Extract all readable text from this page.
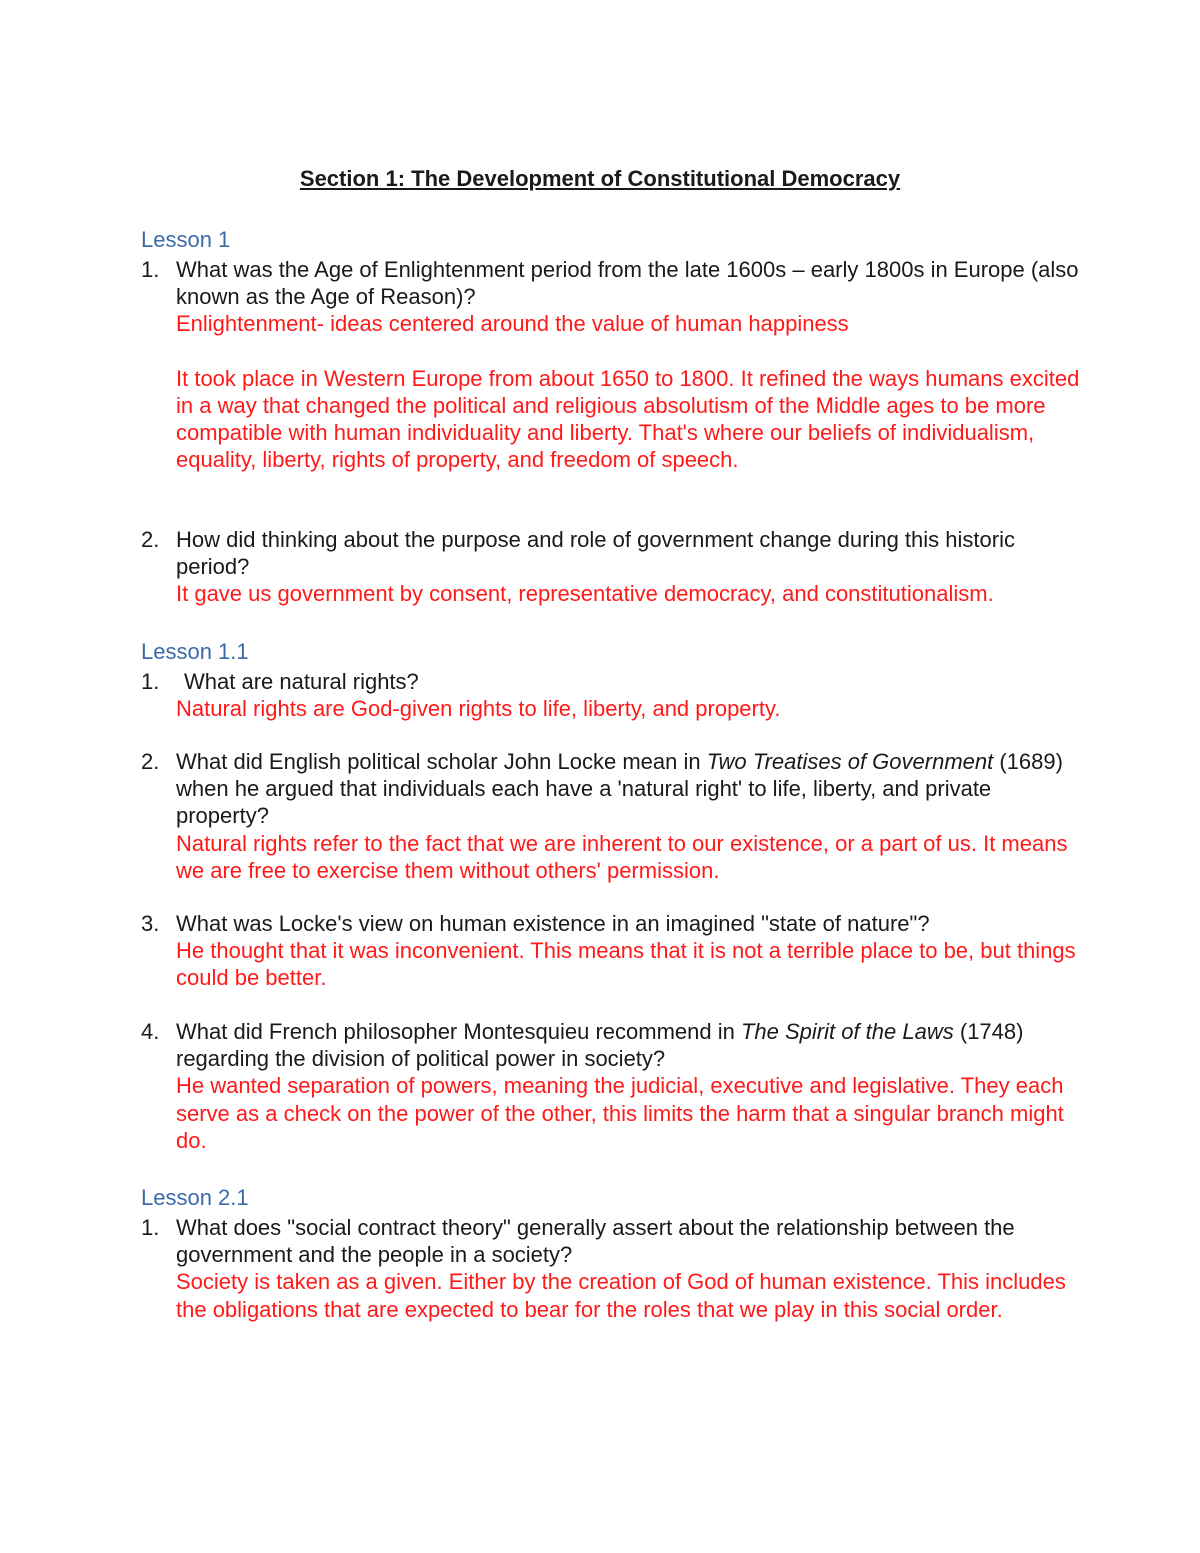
Section 1: The Development of Constitutional Democracy
Lesson 1
1. What was the Age of Enlightenment period from the late 1600s – early 1800s in Europe (also known as the Age of Reason)?
Enlightenment- ideas centered around the value of human happiness
It took place in Western Europe from about 1650 to 1800. It refined the ways humans excited in a way that changed the political and religious absolutism of the Middle ages to be more compatible with human individuality and liberty. That's where our beliefs of individualism, equality, liberty, rights of property, and freedom of speech.
2. How did thinking about the purpose and role of government change during this historic period?
It gave us government by consent, representative democracy, and constitutionalism.
Lesson 1.1
1. What are natural rights?
Natural rights are God-given rights to life, liberty, and property.
2. What did English political scholar John Locke mean in Two Treatises of Government (1689) when he argued that individuals each have a 'natural right' to life, liberty, and private property?
Natural rights refer to the fact that we are inherent to our existence, or a part of us. It means we are free to exercise them without others' permission.
3. What was Locke's view on human existence in an imagined "state of nature"?
He thought that it was inconvenient. This means that it is not a terrible place to be, but things could be better.
4. What did French philosopher Montesquieu recommend in The Spirit of the Laws (1748) regarding the division of political power in society?
He wanted separation of powers, meaning the judicial, executive and legislative. They each serve as a check on the power of the other, this limits the harm that a singular branch might do.
Lesson 2.1
1. What does "social contract theory" generally assert about the relationship between the government and the people in a society?
Society is taken as a given. Either by the creation of God of human existence. This includes the obligations that are expected to bear for the roles that we play in this social order.
